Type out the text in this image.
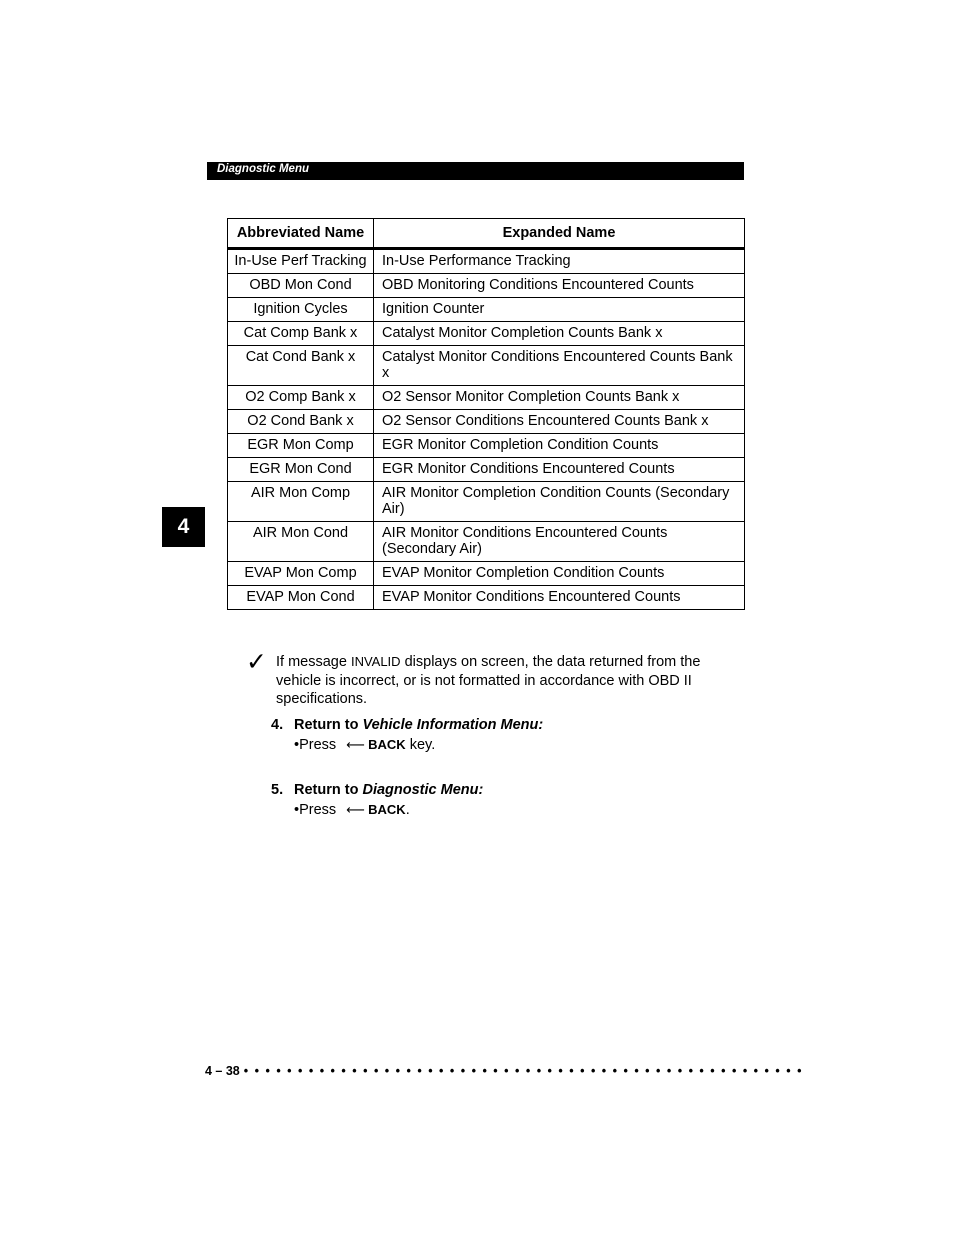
Diagnostic Menu
4
Abbreviated Name	Expanded Name
In-Use Perf Tracking	In-Use Performance Tracking
OBD Mon Cond	OBD Monitoring Conditions Encountered Counts
Ignition Cycles	Ignition Counter
Cat Comp Bank x	Catalyst Monitor Completion Counts Bank x
Cat Cond Bank x	Catalyst Monitor Conditions Encountered Counts Bank x
O2 Comp Bank x	O2 Sensor Monitor Completion Counts Bank x
O2 Cond Bank x	O2 Sensor Conditions Encountered Counts Bank x
EGR Mon Comp	EGR Monitor Completion Condition Counts
EGR Mon Cond	EGR Monitor Conditions Encountered Counts
AIR Mon Comp	AIR Monitor Completion Condition Counts (Secondary Air)
AIR Mon Cond	AIR Monitor Conditions Encountered Counts (Secondary Air)
EVAP Mon Comp	EVAP Monitor Completion Condition Counts
EVAP Mon Cond	EVAP Monitor Conditions Encountered Counts
✓ If message INVALID displays on screen, the data returned from the vehicle is incorrect, or is not formatted in accordance with OBD II specifications.
4. Return to Vehicle Information Menu:
•Press ⟵ BACK key.
5. Return to Diagnostic Menu:
•Press ⟵ BACK.
4 – 38 • • • • • • • • • • • • • • • • • • • • • • • • • • • • • • • • • • • • • • • • • • • • • • • • • • • •
